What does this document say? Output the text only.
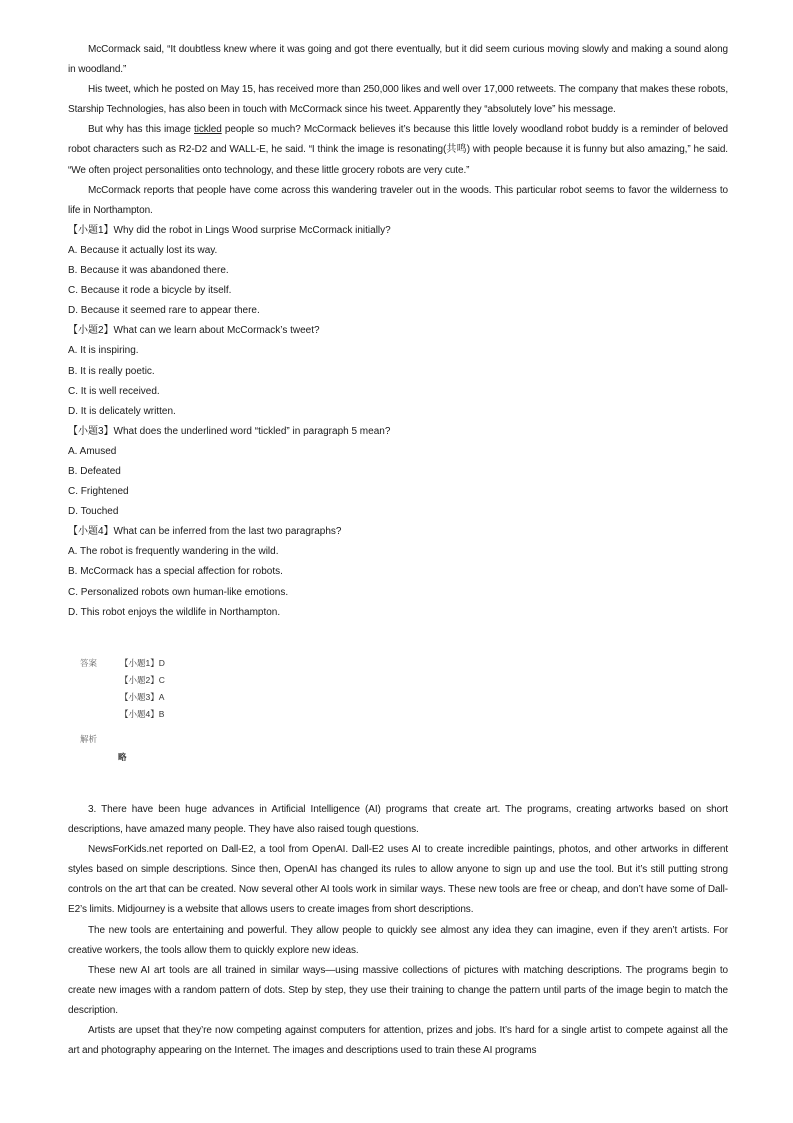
McCormack said, “It doubtless knew where it was going and got there eventually, but it did seem curious moving slowly and making a sound along in woodland.”

His tweet, which he posted on May 15, has received more than 250,000 likes and well over 17,000 retweets. The company that makes these robots, Starship Technologies, has also been in touch with McCormack since his tweet. Apparently they “absolutely love” his message.

But why has this image tickled people so much? McCormack believes it’s because this little lovely woodland robot buddy is a reminder of beloved robot characters such as R2-D2 and WALL-E, he said. “I think the image is resonating(共鸣) with people because it is funny but also amazing,” he said. “We often project personalities onto technology, and these little grocery robots are very cute.”

McCormack reports that people have come across this wandering traveler out in the woods. This particular robot seems to favor the wilderness to life in Northampton.

【小题1】Why did the robot in Lings Wood surprise McCormack initially?

A. Because it actually lost its way.

B. Because it was abandoned there.

C. Because it rode a bicycle by itself.

D. Because it seemed rare to appear there.

【小题2】What can we learn about McCormack’s tweet?

A. It is inspiring.

B. It is really poetic.

C. It is well received.

D. It is delicately written.

【小题3】What does the underlined word “tickled” in paragraph 5 mean?

A. Amused

B. Defeated

C. Frightened

D. Touched

【小题4】What can be inferred from the last two paragraphs?

A. The robot is frequently wandering in the wild.

B. McCormack has a special affection for robots.

C. Personalized robots own human-like emotions.

D. This robot enjoys the wildlife in Northampton.

答案	【小题1】D
【小题2】C
【小题3】A
【小题4】B
解析
略

3. There have been huge advances in Artificial Intelligence (AI) programs that create art. The programs, creating artworks based on short descriptions, have amazed many people. They have also raised tough questions.

NewsForKids.net reported on Dall-E2, a tool from OpenAI. Dall-E2 uses AI to create incredible paintings, photos, and other artworks in different styles based on simple descriptions. Since then, OpenAI has changed its rules to allow anyone to sign up and use the tool. But it’s still putting strong controls on the art that can be created. Now several other AI tools work in similar ways. These new tools are free or cheap, and don’t have some of Dall-E2’s limits. Midjourney is a website that allows users to create images from short descriptions.

The new tools are entertaining and powerful. They allow people to quickly see almost any idea they can imagine, even if they aren’t artists. For creative workers, the tools allow them to quickly explore new ideas.

These new AI art tools are all trained in similar ways—using massive collections of pictures with matching descriptions. The programs begin to create new images with a random pattern of dots. Step by step, they use their training to change the pattern until parts of the image begin to match the description.

Artists are upset that they’re now competing against computers for attention, prizes and jobs. It’s hard for a single artist to compete against all the art and photography appearing on the Internet. The images and descriptions used to train these AI programs
